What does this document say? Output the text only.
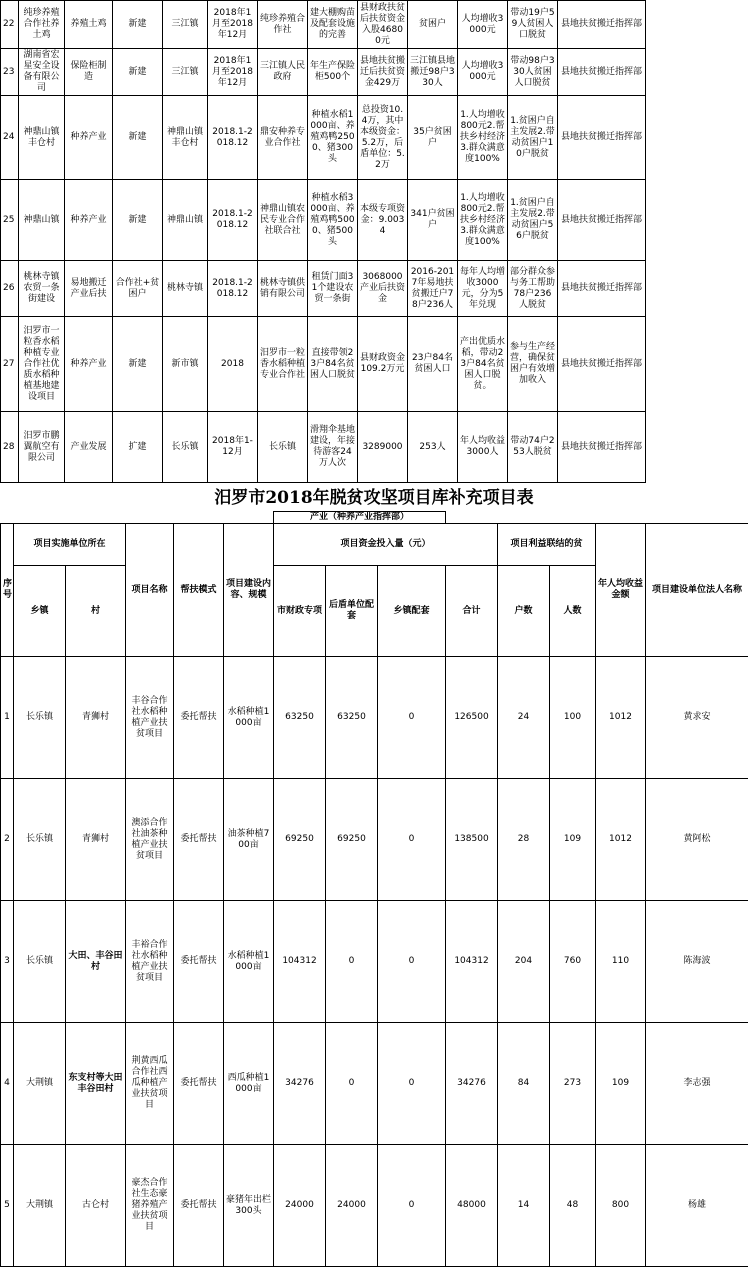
22	纯珍养殖合作社养土鸡	养殖土鸡	新建	三江镇	2018年1月至2018年12月	纯珍养殖合作社	建大棚购苗及配套设施的完善	县财政扶贫后扶贫资金入股46800元	贫困户	人均增收3000元	带动19户59人贫困人口脱贫	县地扶贫搬迁指挥部	
23	湖南省宏星安全设备有限公司	保险柜制造	新建	三江镇	2018年1月至2018年12月	三江镇人民政府	年生产保险柜500个	县地扶贫搬迁后扶贫资金429万	三江镇县地搬迁98户330人	人均增收3000元	带动98户330人贫困人口脱贫	县地扶贫搬迁指挥部	
24	神鼎山镇丰仓村	种养产业	新建	神鼎山镇丰仓村	2018.1-2018.12	鼎安种养专业合作社	种植水稻1000亩、养殖鸡鸭2500、猪300头	总投资10.4万，其中本级资金：5.2万，后盾单位：5.2万	35户贫困户	1.人均增收800元2.帮扶乡村经济3.群众满意度100%	1.贫困户自主发展2.带动贫困户10户脱贫	县地扶贫搬迁指挥部	
25	神鼎山镇	种养产业	新建	神鼎山镇	2018.1-2018.12	神鼎山镇农民专业合作社联合社	种植水稻3000亩、养殖鸡鸭5000、猪500头	本级专项资金：9.0034	341户贫困户	1.人均增收800元2.帮扶乡村经济3.群众满意度100%	1.贫困户自主发展2.带动贫困户56户脱贫	县地扶贫搬迁指挥部	
26	桃林寺镇农贸一条街建设	易地搬迁产业后扶	合作社+贫困户	桃林寺镇	2018.1-2018.12	桃林寺镇供销有限公司	租赁门面31个建设农贸一条街	3068000产业后扶资金	2016-2017年易地扶贫搬迁户78户236人	每年人均增收3000元，分为5年兑现	部分群众参与务工帮助78户236人脱贫	县地扶贫搬迁指挥部	
27	汨罗市一粒香水稻种植专业合作社优质水稻种植基地建设项目	种养产业	新建	新市镇	2018	汨罗市一粒香水稻种植专业合作社	直接带领23户84名贫困人口脱贫	县财政资金109.2万元	23户84名贫困人口	产出优质水稻，带动23户84名贫困人口脱贫。	参与生产经营，确保贫困户有效增加收入	县地扶贫搬迁指挥部	
28	汨罗市鹏翼航空有限公司	产业发展	扩建	长乐镇	2018年1-12月	长乐镇	滑翔伞基地建设，年接待游客24万人次	3289000	253人	年人均收益3000人	带动74户253人脱贫	县地扶贫搬迁指挥部	
汨罗市2018年脱贫攻坚项目库补充项目表
						产业（种养产业指挥部）								
序号	项目实施单位所在		项目名称	帮扶模式	项目建设内容、规模	项目资金投入量（元）				项目利益联结的贫		年人均收益金额	项目建设单位法人名称	
	乡镇	村				市财政专项	后盾单位配套	乡镇配套	合计	户数	人数			
1	长乐镇	青狮村	丰谷合作社水稻种植产业扶贫项目	委托帮扶	水稻种植1000亩	63250	63250	0	126500	24	100	1012	黄求安	
2	长乐镇	青狮村	澳添合作社油茶种植产业扶贫项目	委托帮扶	油茶种植700亩	69250	69250	0	138500	28	109	1012	黄阿松	
3	长乐镇	大田、丰谷田村	丰裕合作社水稻种植产业扶贫项目	委托帮扶	水稻种植1000亩	104312	0	0	104312	204	760	110	陈海波	
4	大荆镇	东支村等大田丰谷田村	荆黄西瓜合作社西瓜种植产业扶贫项目	委托帮扶	西瓜种植1000亩	34276	0	0	34276	84	273	109	李志强	
5	大荆镇	古仑村	豪杰合作社生态豪猪养殖产业扶贫项目	委托帮扶	豪猪年出栏300头	24000	24000	0	48000	14	48	800	杨雄	
